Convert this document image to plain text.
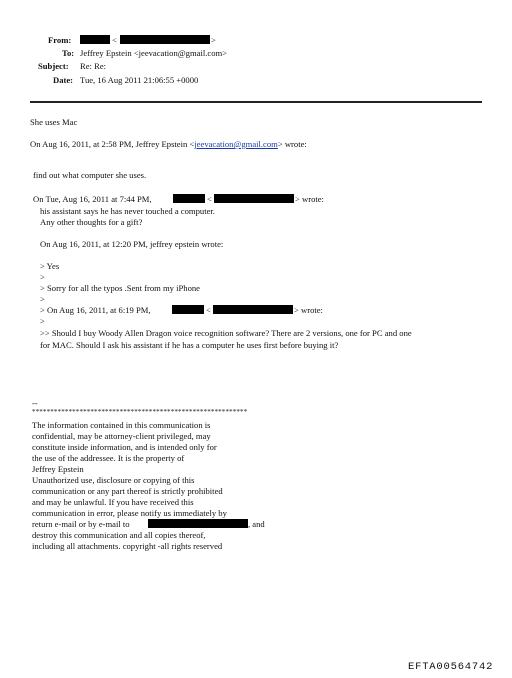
From:	<	>
To: Jeffrey Epstein <jeevacation@gmail.com>
Subject: Re: Re:
Date: Tue, 16 Aug 2011 21:06:55 +0000
She uses Mac
On Aug 16, 2011, at 2:58 PM, Jeffrey Epstein <jeevacation@gmail.com> wrote:
find out what computer she uses.
On Tue, Aug 16, 2011 at 7:44 PM,	<	> wrote:
his assistant says he has never touched a computer.
Any other thoughts for a gift?
On Aug 16, 2011, at 12:20 PM, jeffrey epstein wrote:
> Yes
>
> Sorry for all the typos .Sent from my iPhone
>
> On Aug 16, 2011, at 6:19 PM,	<	> wrote:
>
>> Should I buy Woody Allen Dragon voice recognition software? There are 2 versions, one for PC and one
for MAC. Should I ask his assistant if he has a computer he uses first before buying it?
--
***********************************************************
The information contained in this communication is
confidential, may be attorney-client privileged, may
constitute inside information, and is intended only for
the use of the addressee. It is the property of
Jeffrey Epstein
Unauthorized use, disclosure or copying of this
communication or any part thereof is strictly prohibited
and may be unlawful. If you have received this
communication in error, please notify us immediately by
return e-mail or by e-mail to	, and
destroy this communication and all copies thereof,
including all attachments. copyright -all rights reserved
EFTA00564742
